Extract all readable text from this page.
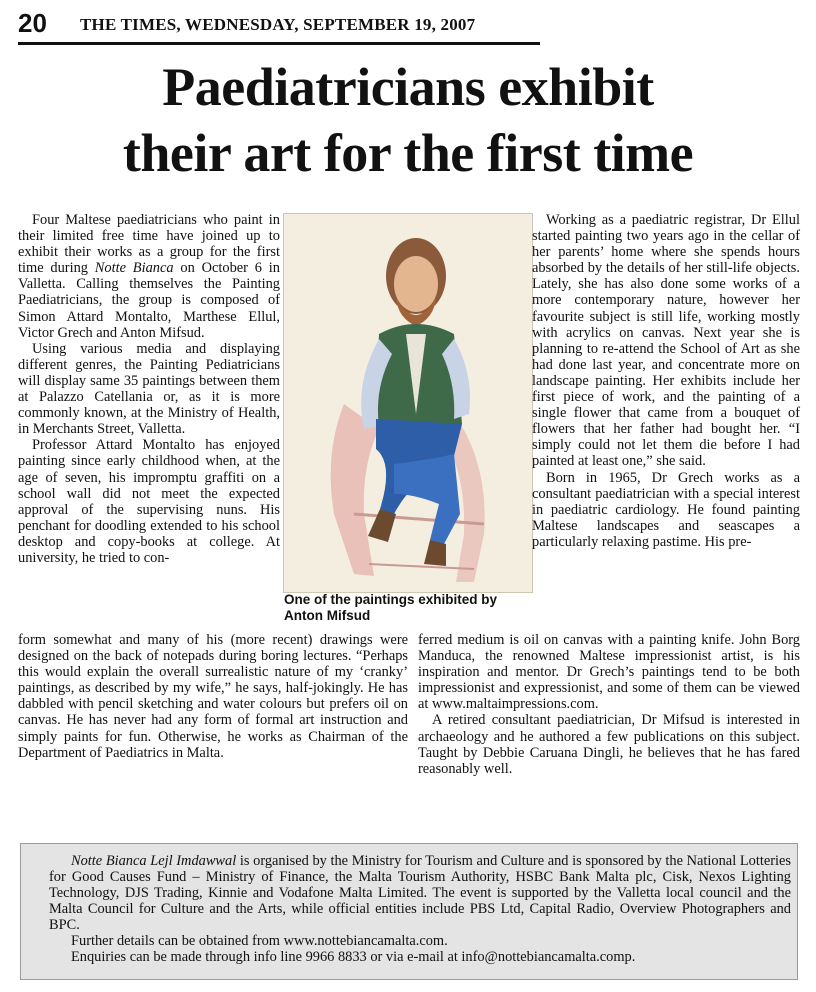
20 THE TIMES, WEDNESDAY, SEPTEMBER 19, 2007
Paediatricians exhibit
their art for the first time

Four Maltese paediatricians who paint in their limited free time have joined up to exhibit their works as a group for the first time during Notte Bianca on October 6 in Valletta. Calling themselves the Painting Paediatricians, the group is composed of Simon Attard Montalto, Marthese Ellul, Victor Grech and Anton Mifsud.

Using various media and displaying different genres, the Painting Pediatricians will display same 35 paintings between them at Palazzo Catellania or, as it is more commonly known, at the Ministry of Health, in Merchants Street, Valletta.

Professor Attard Montalto has enjoyed painting since early childhood when, at the age of seven, his impromptu graffiti on a school wall did not meet the expected approval of the supervising nuns. His penchant for doodling extended to his school desktop and copy-books at college. At university, he tried to con-

One of the paintings exhibited by Anton Mifsud

Working as a paediatric registrar, Dr Ellul started painting two years ago in the cellar of her parents’ home where she spends hours absorbed by the details of her still-life objects. Lately, she has also done some works of a more contemporary nature, however her favourite subject is still life, working mostly with acrylics on canvas. Next year she is planning to re-attend the School of Art as she had done last year, and concentrate more on landscape painting. Her exhibits include her first piece of work, and the painting of a single flower that came from a bouquet of flowers that her father had bought her. “I simply could not let them die before I had painted at least one,” she said.

Born in 1965, Dr Grech works as a consultant paediatrician with a special interest in paediatric cardiology. He found painting Maltese landscapes and seascapes a particularly relaxing pastime. His pre-

form somewhat and many of his (more recent) drawings were designed on the back of notepads during boring lectures. “Perhaps this would explain the overall surrealistic nature of my ‘cranky’ paintings, as described by my wife,” he says, half-jokingly. He has dabbled with pencil sketching and water colours but prefers oil on canvas. He has never had any form of formal art instruction and simply paints for fun. Otherwise, he works as Chairman of the Department of Paediatrics in Malta.

ferred medium is oil on canvas with a painting knife. John Borg Manduca, the renowned Maltese impressionist artist, is his inspiration and mentor. Dr Grech’s paintings tend to be both impressionist and expressionist, and some of them can be viewed at www.maltaimpressions.com.

A retired consultant paediatrician, Dr Mifsud is interested in archaeology and he authored a few publications on this subject. Taught by Debbie Caruana Dingli, he believes that he has fared reasonably well.

Notte Bianca Lejl Imdawwal is organised by the Ministry for Tourism and Culture and is sponsored by the National Lotteries for Good Causes Fund – Ministry of Finance, the Malta Tourism Authority, HSBC Bank Malta plc, Cisk, Nexos Lighting Technology, DJS Trading, Kinnie and Vodafone Malta Limited. The event is supported by the Valletta local council and the Malta Council for Culture and the Arts, while official entities include PBS Ltd, Capital Radio, Overview Photographers and BPC.

Further details can be obtained from www.nottebiancamalta.com.

Enquiries can be made through info line 9966 8833 or via e-mail at info@nottebiancamalta.comp.
